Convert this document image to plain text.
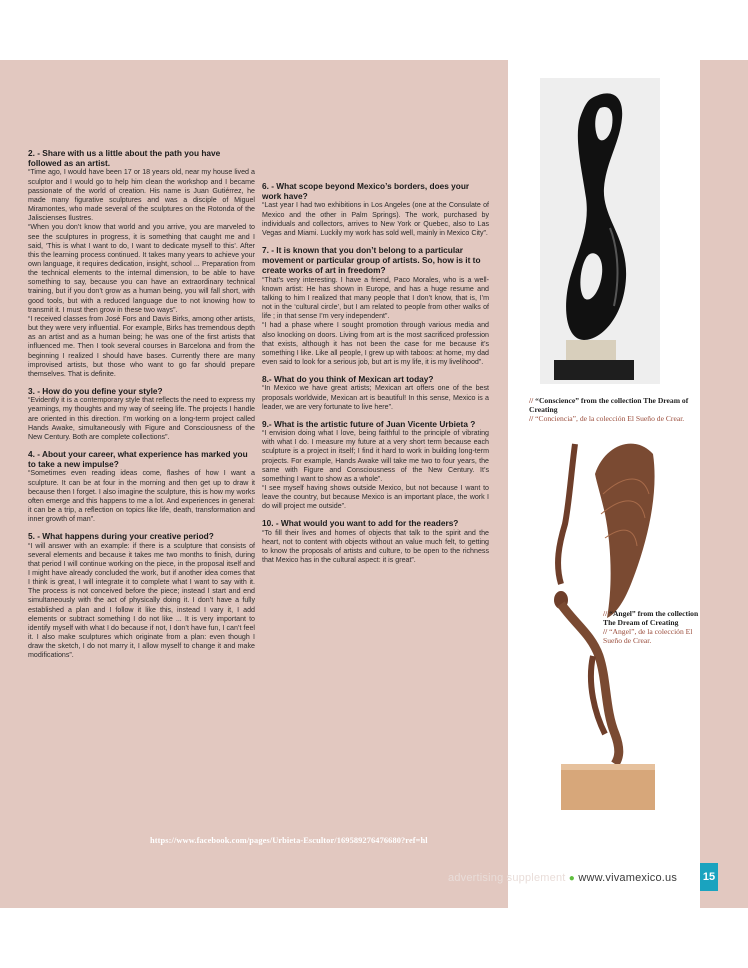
2. - Share with us a little about the path you have followed as an artist.

“Time ago, I would have been 17 or 18 years old, near my house lived a sculptor and I would go to help him clean the workshop and I became passionate of the world of creation. His name is Juan Gutiérrez, he made many figurative sculptures and was a disciple of Miguel Miramontes, who made several of the sculptures on the Rotonda of the Jaliscienses Ilustres.

“When you don’t know that world and you arrive, you are marveled to see the sculptures in progress, it is something that caught me and I said, ‘This is what I want to do, I want to dedicate myself to this’. After this the learning process continued. It takes many years to achieve your own language, it requires dedication, insight, school ... Preparation from the technical elements to the internal dimension, to be able to have something to say, because you can have an extraordinary technical training, but if you don’t grow as a human being, you will fall short, with good tools, but with a reduced language due to not knowing how to transmit it. I must then grow in these two ways”.

“I received classes from José Fors and Davis Birks, among other artists, but they were very influential. For example, Birks has tremendous depth as an artist and as a human being; he was one of the first artists that influenced me. Then I took several courses in Barcelona and from the beginning I realized I should have bases. Currently there are many improvised artists, but those who want to go far should prepare themselves. That is definite.

3. - How do you define your style?

“Evidently it is a contemporary style that reflects the need to express my yearnings, my thoughts and my way of seeing life. The projects I handle are oriented in this direction. I’m working on a long-term project called Hands Awake, simultaneously with Figure and Consciousness of the New Century. Both are complete collections”.

4. - About your career, what experience has marked you to take a new impulse?

“Sometimes even reading ideas come, flashes of how I want a sculpture. It can be at four in the morning and then get up to draw it because then I forget. I also imagine the sculpture, this is how my works often emerge and this happens to me a lot. And experiences in general: it can be a trip, a reflection on topics like life, death, transformation and inner growth of man”.

5. - What happens during your creative period?

“I will answer with an example: if there is a sculpture that consists of several elements and because it takes me two months to finish, during that period I will continue working on the piece, in the proposal itself and I might have already concluded the work, but if another idea comes that I think is great, I will integrate it to complete what I want to say with it. The process is not conceived before the piece; instead I start and end simultaneously with the act of physically doing it. I don’t have a fully established a plan and I follow it like this, instead I vary it, I add elements or subtract something I do not like ... It is very important to identify myself with what I do because if not, I don’t have fun, I can’t feel it. I also make sculptures which originate from a plan: even though I draw the sketch, I do not marry it, I allow myself to change it and make modifications”.

6. - What scope beyond Mexico’s borders, does your work have?

“Last year I had two exhibitions in Los Angeles (one at the Consulate of Mexico and the other in Palm Springs). The work, purchased by individuals and collectors, arrives to New York or Quebec, also to Las Vegas and Miami. Luckily my work has sold well, mainly in Mexico City”.

7. - It is known that you don’t belong to a particular movement or particular group of artists. So, how is it to create works of art in freedom?

“That’s very interesting. I have a friend, Paco Morales, who is a well-known artist: He has shown in Europe, and has a huge resume and talking to him I realized that many people that I don’t know, that is, I’m not in the ‘cultural circle’, but I am related to people from other walks of life ; in that sense I’m very independent”.

“I had a phase where I sought promotion through various media and also knocking on doors. Living from art is the most sacrificed profession that exists, although it has not been the case for me because it’s something I like. Like all people, I grew up with taboos: at home, my dad even said to look for a serious job, but art is my life, it is my livelihood”.

8.- What do you think of Mexican art today?

“In Mexico we have great artists; Mexican art offers one of the best proposals worldwide, Mexican art is beautiful! In this sense, Mexico is a leader, we are very fortunate to live here”.

9.- What is the artistic future of Juan Vicente Urbieta ?

“I envision doing what I love, being faithful to the principle of vibrating with what I do. I measure my future at a very short term because each sculpture is a project in itself; I find it hard to work in building long-term projects. For example, Hands Awake will take me two to four years, the same with Figure and Consciousness of the New Century. It’s something I want to show as a whole”.

“I see myself having shows outside Mexico, but not because I want to leave the country, but because Mexico is an important place, the work I do will project me outside”.

10. - What would you want to add for the readers?

“To fill their lives and homes of objects that talk to the spirit and the heart, not to content with objects without an value much felt, to getting to know the proposals of artists and culture, to be open to the richness that Mexico has in the cultural aspect: it is great”.

// “Conscience” from the collection The Dream of Creating
// “Conciencia”, de la colección El Sueño de Crear.
// “Angel” from the collection The Dream of Creating
// “Angel”, de la colección El Sueño de Crear.
https://www.facebook.com/pages/Urbieta-Escultor/169589276476680?ref=hl
advertising supplement ● www.vivamexico.us 15
